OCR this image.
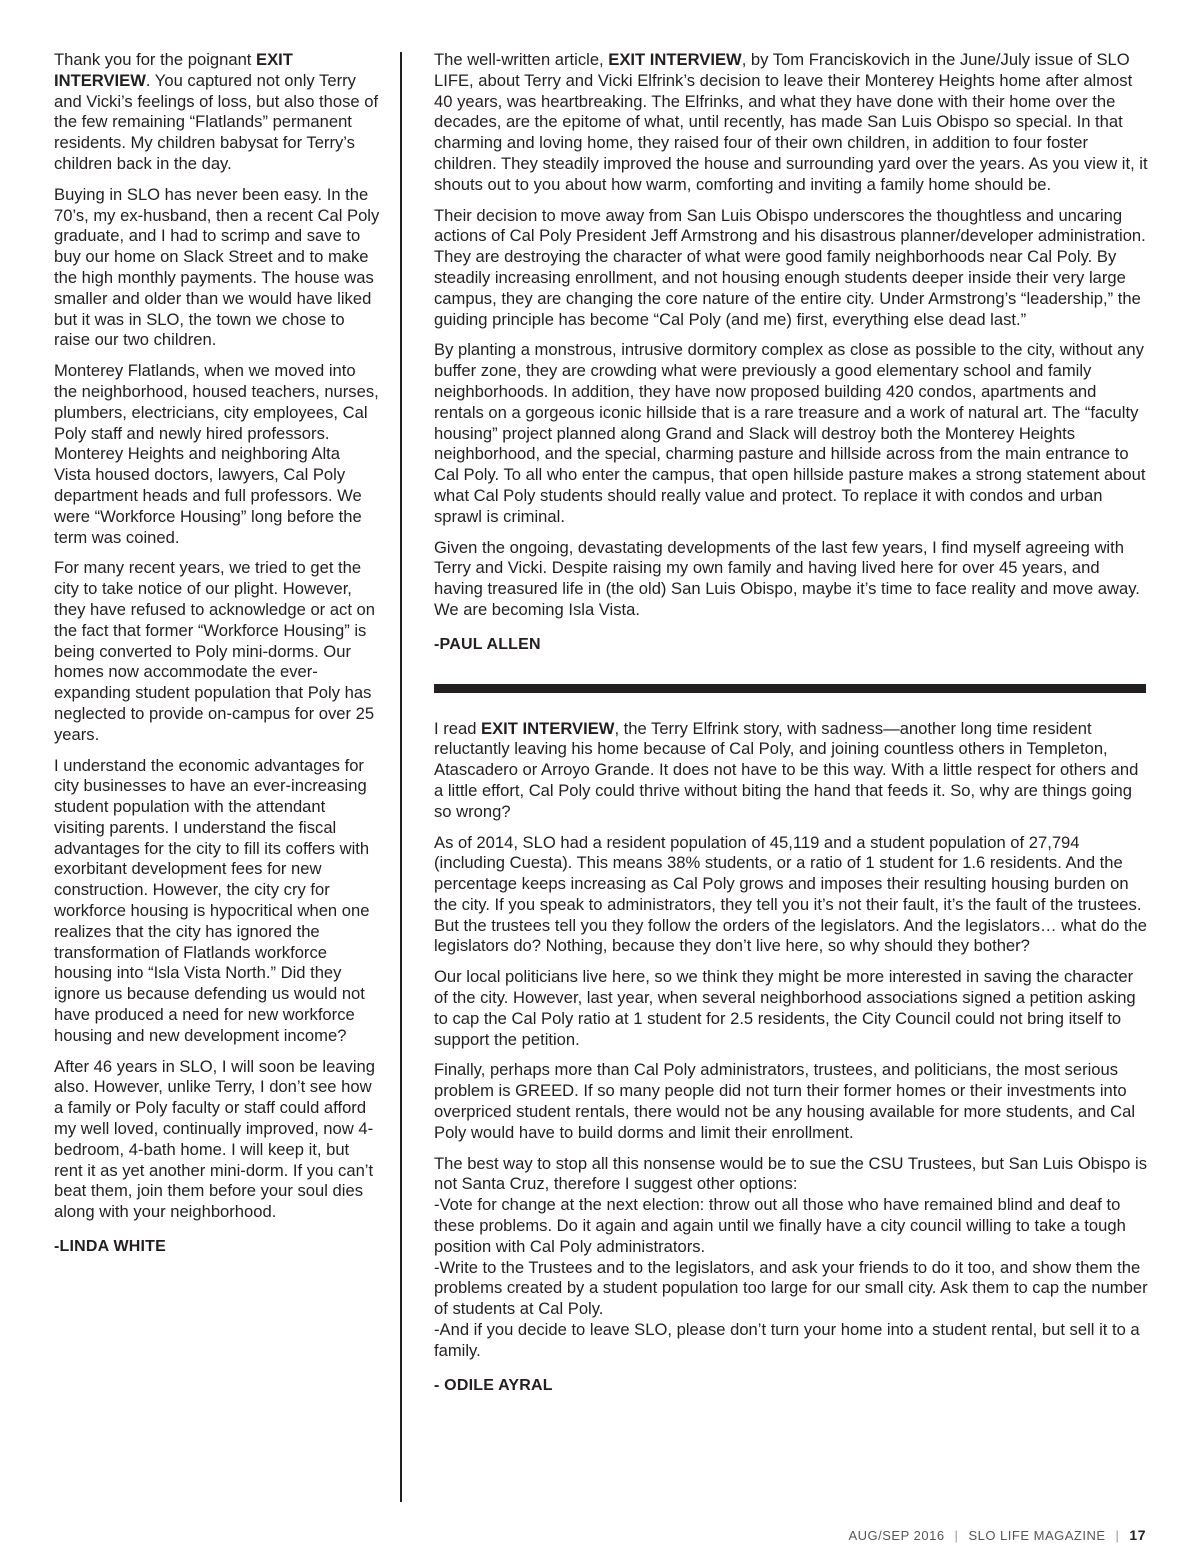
Thank you for the poignant EXIT INTERVIEW. You captured not only Terry and Vicki’s feelings of loss, but also those of the few remaining “Flatlands” permanent residents. My children babysat for Terry’s children back in the day.

Buying in SLO has never been easy. In the 70’s, my ex-husband, then a recent Cal Poly graduate, and I had to scrimp and save to buy our home on Slack Street and to make the high monthly payments. The house was smaller and older than we would have liked but it was in SLO, the town we chose to raise our two children.

Monterey Flatlands, when we moved into the neighborhood, housed teachers, nurses, plumbers, electricians, city employees, Cal Poly staff and newly hired professors. Monterey Heights and neighboring Alta Vista housed doctors, lawyers, Cal Poly department heads and full professors. We were “Workforce Housing” long before the term was coined.

For many recent years, we tried to get the city to take notice of our plight. However, they have refused to acknowledge or act on the fact that former “Workforce Housing” is being converted to Poly mini-dorms. Our homes now accommodate the ever-expanding student population that Poly has neglected to provide on-campus for over 25 years.

I understand the economic advantages for city businesses to have an ever-increasing student population with the attendant visiting parents. I understand the fiscal advantages for the city to fill its coffers with exorbitant development fees for new construction. However, the city cry for workforce housing is hypocritical when one realizes that the city has ignored the transformation of Flatlands workforce housing into “Isla Vista North.” Did they ignore us because defending us would not have produced a need for new workforce housing and new development income?

After 46 years in SLO, I will soon be leaving also. However, unlike Terry, I don’t see how a family or Poly faculty or staff could afford my well loved, continually improved, now 4-bedroom, 4-bath home. I will keep it, but rent it as yet another mini-dorm. If you can’t beat them, join them before your soul dies along with your neighborhood.

-LINDA WHITE

The well-written article, EXIT INTERVIEW, by Tom Franciskovich in the June/July issue of SLO LIFE, about Terry and Vicki Elfrink’s decision to leave their Monterey Heights home after almost 40 years, was heartbreaking. The Elfrinks, and what they have done with their home over the decades, are the epitome of what, until recently, has made San Luis Obispo so special. In that charming and loving home, they raised four of their own children, in addition to four foster children. They steadily improved the house and surrounding yard over the years. As you view it, it shouts out to you about how warm, comforting and inviting a family home should be.

Their decision to move away from San Luis Obispo underscores the thoughtless and uncaring actions of Cal Poly President Jeff Armstrong and his disastrous planner/developer administration. They are destroying the character of what were good family neighborhoods near Cal Poly. By steadily increasing enrollment, and not housing enough students deeper inside their very large campus, they are changing the core nature of the entire city. Under Armstrong’s “leadership,” the guiding principle has become “Cal Poly (and me) first, everything else dead last.”

By planting a monstrous, intrusive dormitory complex as close as possible to the city, without any buffer zone, they are crowding what were previously a good elementary school and family neighborhoods. In addition, they have now proposed building 420 condos, apartments and rentals on a gorgeous iconic hillside that is a rare treasure and a work of natural art. The “faculty housing” project planned along Grand and Slack will destroy both the Monterey Heights neighborhood, and the special, charming pasture and hillside across from the main entrance to Cal Poly. To all who enter the campus, that open hillside pasture makes a strong statement about what Cal Poly students should really value and protect. To replace it with condos and urban sprawl is criminal.

Given the ongoing, devastating developments of the last few years, I find myself agreeing with Terry and Vicki. Despite raising my own family and having lived here for over 45 years, and having treasured life in (the old) San Luis Obispo, maybe it’s time to face reality and move away. We are becoming Isla Vista.

-PAUL ALLEN

I read EXIT INTERVIEW, the Terry Elfrink story, with sadness—another long time resident reluctantly leaving his home because of Cal Poly, and joining countless others in Templeton, Atascadero or Arroyo Grande. It does not have to be this way. With a little respect for others and a little effort, Cal Poly could thrive without biting the hand that feeds it. So, why are things going so wrong?

As of 2014, SLO had a resident population of 45,119 and a student population of 27,794 (including Cuesta). This means 38% students, or a ratio of 1 student for 1.6 residents. And the percentage keeps increasing as Cal Poly grows and imposes their resulting housing burden on the city. If you speak to administrators, they tell you it’s not their fault, it’s the fault of the trustees. But the trustees tell you they follow the orders of the legislators. And the legislators… what do the legislators do? Nothing, because they don’t live here, so why should they bother?

Our local politicians live here, so we think they might be more interested in saving the character of the city. However, last year, when several neighborhood associations signed a petition asking to cap the Cal Poly ratio at 1 student for 2.5 residents, the City Council could not bring itself to support the petition.

Finally, perhaps more than Cal Poly administrators, trustees, and politicians, the most serious problem is GREED. If so many people did not turn their former homes or their investments into overpriced student rentals, there would not be any housing available for more students, and Cal Poly would have to build dorms and limit their enrollment.

The best way to stop all this nonsense would be to sue the CSU Trustees, but San Luis Obispo is not Santa Cruz, therefore I suggest other options:
-Vote for change at the next election: throw out all those who have remained blind and deaf to these problems. Do it again and again until we finally have a city council willing to take a tough position with Cal Poly administrators.
-Write to the Trustees and to the legislators, and ask your friends to do it too, and show them the problems created by a student population too large for our small city. Ask them to cap the number of students at Cal Poly.
-And if you decide to leave SLO, please don’t turn your home into a student rental, but sell it to a family.

- ODILE AYRAL
AUG/SEP 2016 | SLO LIFE MAGAZINE | 17
